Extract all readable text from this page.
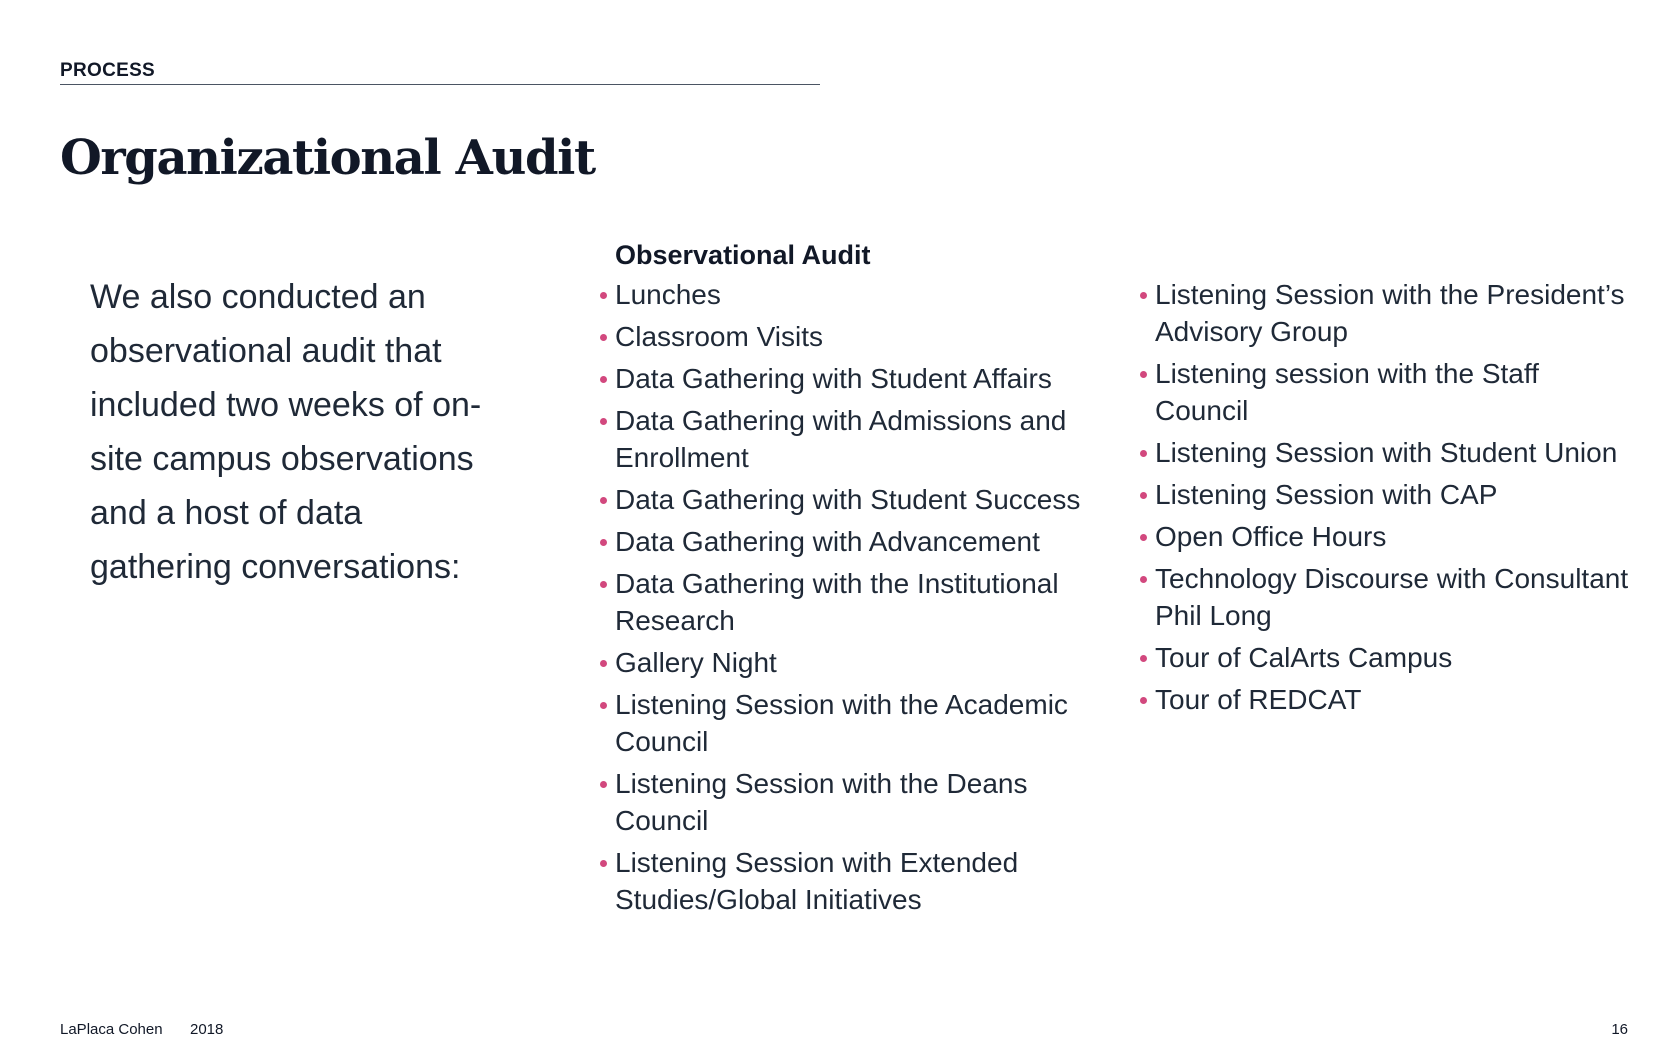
PROCESS
Organizational Audit
We also conducted an observational audit that included two weeks of on-site campus observations and a host of data gathering conversations:
Observational Audit
Lunches
Classroom Visits
Data Gathering with Student Affairs
Data Gathering with Admissions and Enrollment
Data Gathering with Student Success
Data Gathering with Advancement
Data Gathering with the Institutional Research
Gallery Night
Listening Session with the Academic Council
Listening Session with the Deans Council
Listening Session with Extended Studies/Global Initiatives
Listening Session with the President’s Advisory Group
Listening session with the Staff Council
Listening Session with Student Union
Listening Session with CAP
Open Office Hours
Technology Discourse with Consultant Phil Long
Tour of CalArts Campus
Tour of REDCAT
LaPlaca Cohen 2018	16
